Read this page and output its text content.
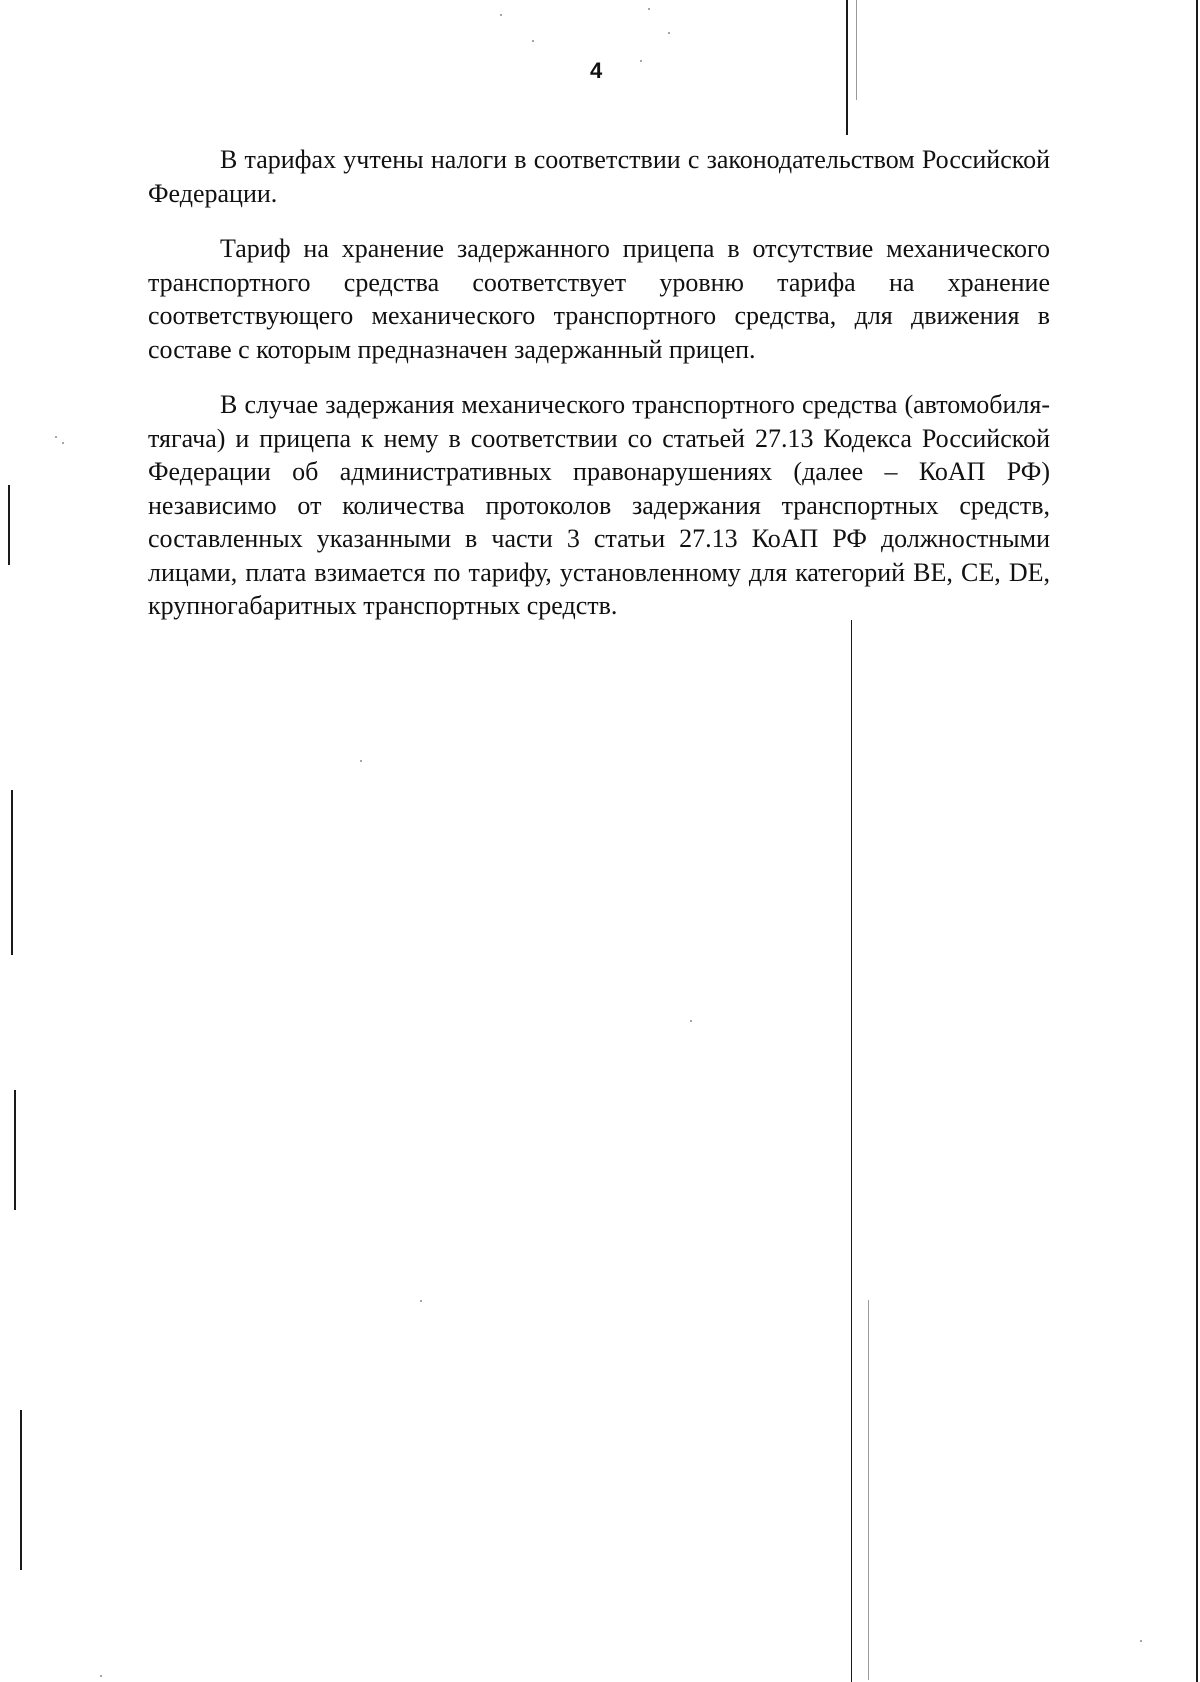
4

В тарифах учтены налоги в соответствии с законодательством Российской Федерации.

Тариф на хранение задержанного прицепа в отсутствие механического транспортного средства соответствует уровню тарифа на хранение соответствующего механического транспортного средства, для движения в составе с которым предназначен задержанный прицеп.

В случае задержания механического транспортного средства (автомобиля-тягача) и прицепа к нему в соответствии со статьей 27.13 Кодекса Российской Федерации об административных правонарушениях (далее – КоАП РФ) независимо от количества протоколов задержания транспортных средств, составленных указанными в части 3 статьи 27.13 КоАП РФ должностными лицами, плата взимается по тарифу, установленному для категорий BE, CE, DE, крупногабаритных транспортных средств.
